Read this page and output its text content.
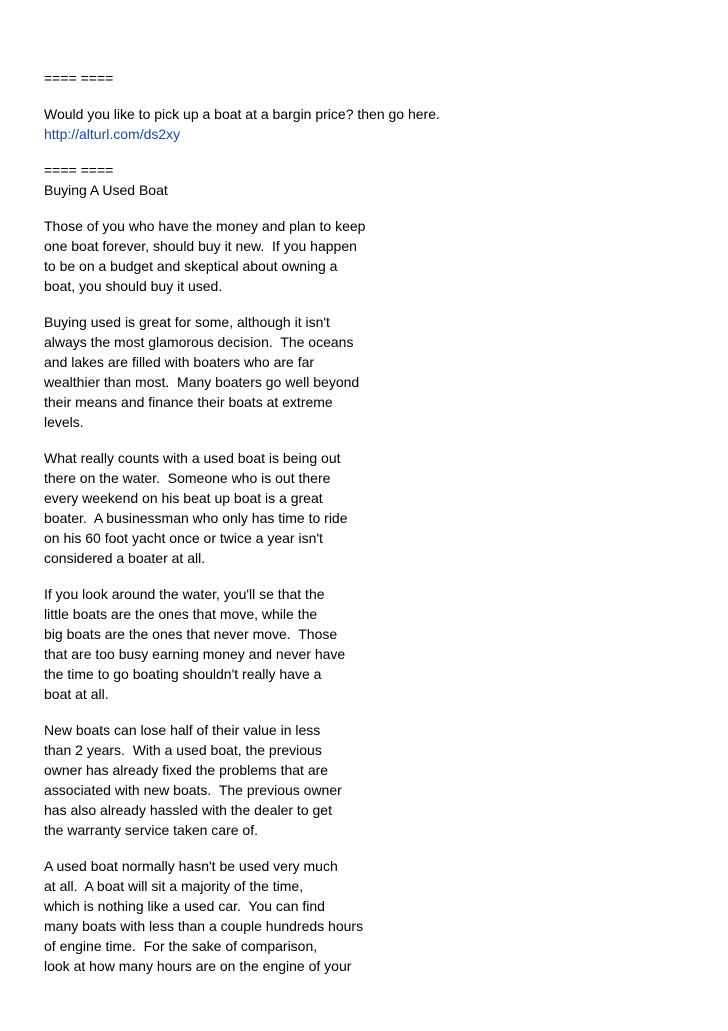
==== ====
Would you like to pick up a boat at a bargin price? then go here.
http://alturl.com/ds2xy
==== ====
Buying A Used Boat
Those of you who have the money and plan to keep
one boat forever, should buy it new.  If you happen
to be on a budget and skeptical about owning a
boat, you should buy it used.
Buying used is great for some, although it isn't
always the most glamorous decision.  The oceans
and lakes are filled with boaters who are far
wealthier than most.  Many boaters go well beyond
their means and finance their boats at extreme
levels.
What really counts with a used boat is being out
there on the water.  Someone who is out there
every weekend on his beat up boat is a great
boater.  A businessman who only has time to ride
on his 60 foot yacht once or twice a year isn't
considered a boater at all.
If you look around the water, you'll se that the
little boats are the ones that move, while the
big boats are the ones that never move.  Those
that are too busy earning money and never have
the time to go boating shouldn't really have a
boat at all.
New boats can lose half of their value in less
than 2 years.  With a used boat, the previous
owner has already fixed the problems that are
associated with new boats.  The previous owner
has also already hassled with the dealer to get
the warranty service taken care of.
A used boat normally hasn't be used very much
at all.  A boat will sit a majority of the time,
which is nothing like a used car.  You can find
many boats with less than a couple hundreds hours
of engine time.  For the sake of comparison,
look at how many hours are on the engine of your
